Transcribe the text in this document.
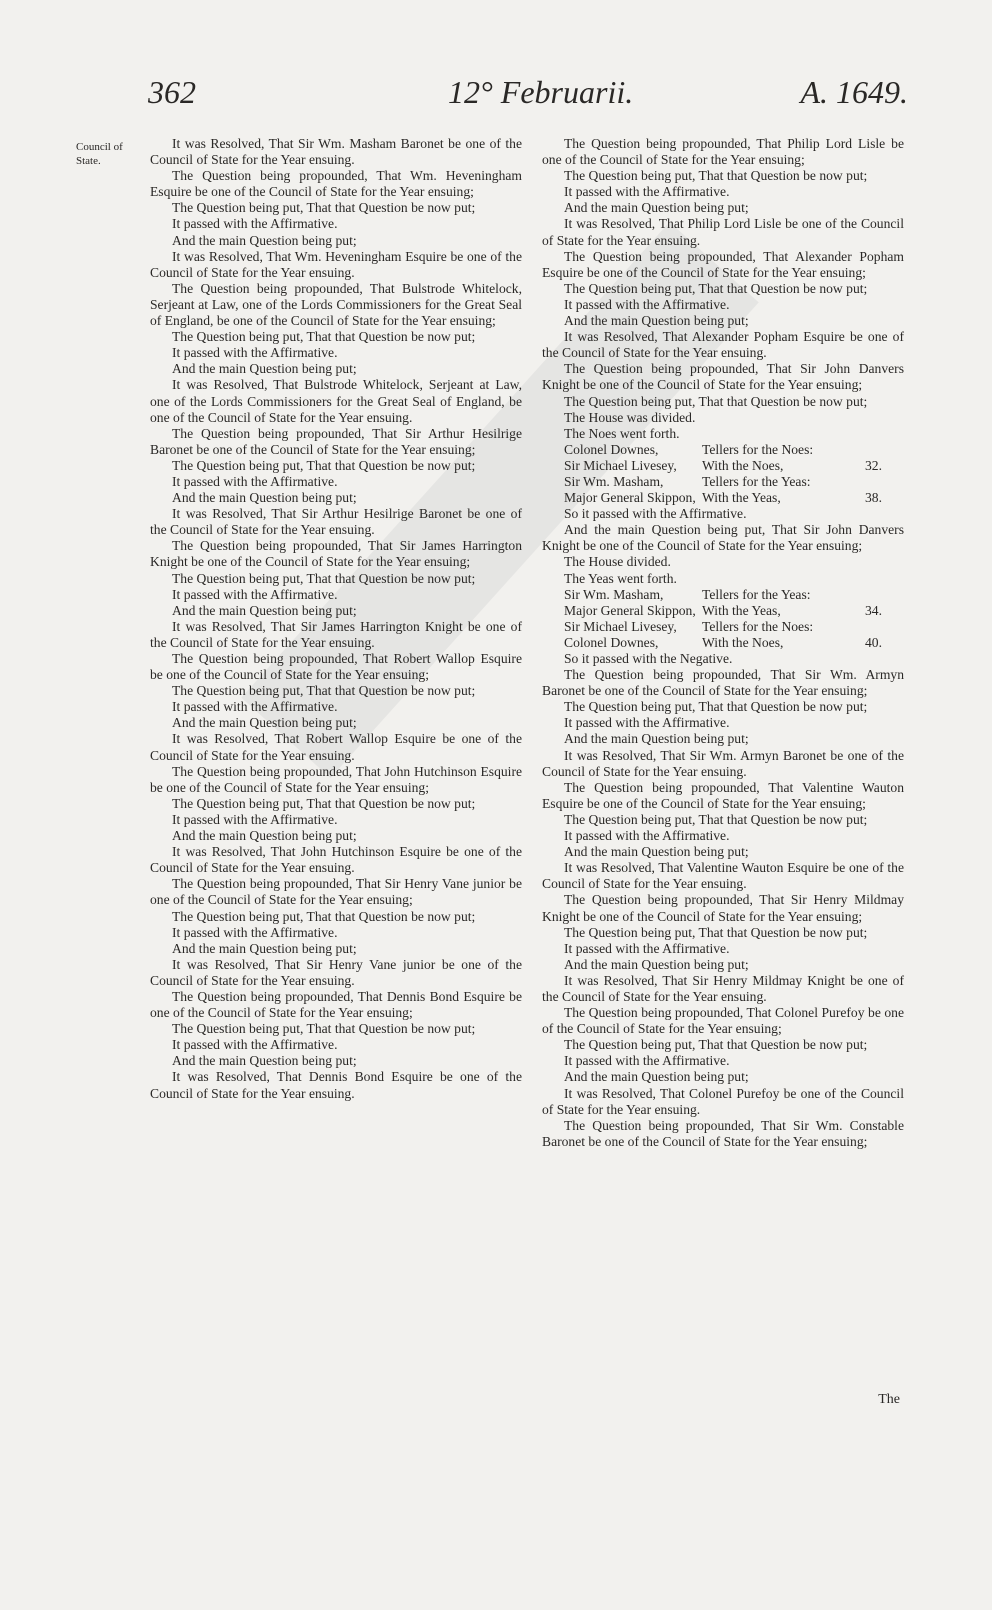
362	12° Februarii.	A. 1649.
Council of State.

It was Resolved, That Sir Wm. Masham Baronet be one of the Council of State for the Year ensuing.

The Question being propounded, That Wm. Heveningham Esquire be one of the Council of State for the Year ensuing;

The Question being put, That that Question be now put;

It passed with the Affirmative.

And the main Question being put;

It was Resolved, That Wm. Heveningham Esquire be one of the Council of State for the Year ensuing.

The Question being propounded, That Bulstrode Whitelock, Serjeant at Law, one of the Lords Commissioners for the Great Seal of England, be one of the Council of State for the Year ensuing;

The Question being put, That that Question be now put;

It passed with the Affirmative.

And the main Question being put;

It was Resolved, That Bulstrode Whitelock, Serjeant at Law, one of the Lords Commissioners for the Great Seal of England, be one of the Council of State for the Year ensuing.

The Question being propounded, That Sir Arthur Hesilrige Baronet be one of the Council of State for the Year ensuing;

The Question being put, That that Question be now put;

It passed with the Affirmative.

And the main Question being put;

It was Resolved, That Sir Arthur Hesilrige Baronet be one of the Council of State for the Year ensuing.

The Question being propounded, That Sir James Harrington Knight be one of the Council of State for the Year ensuing;

The Question being put, That that Question be now put;

It passed with the Affirmative.

And the main Question being put;

It was Resolved, That Sir James Harrington Knight be one of the Council of State for the Year ensuing.

The Question being propounded, That Robert Wallop Esquire be one of the Council of State for the Year ensuing;

The Question being put, That that Question be now put;

It passed with the Affirmative.

And the main Question being put;

It was Resolved, That Robert Wallop Esquire be one of the Council of State for the Year ensuing.

The Question being propounded, That John Hutchinson Esquire be one of the Council of State for the Year ensuing;

The Question being put, That that Question be now put;

It passed with the Affirmative.

And the main Question being put;

It was Resolved, That John Hutchinson Esquire be one of the Council of State for the Year ensuing.

The Question being propounded, That Sir Henry Vane junior be one of the Council of State for the Year ensuing;

The Question being put, That that Question be now put;

It passed with the Affirmative.

And the main Question being put;

It was Resolved, That Sir Henry Vane junior be one of the Council of State for the Year ensuing.

The Question being propounded, That Dennis Bond Esquire be one of the Council of State for the Year ensuing;

The Question being put, That that Question be now put;

It passed with the Affirmative.

And the main Question being put;

It was Resolved, That Dennis Bond Esquire be one of the Council of State for the Year ensuing.

The Question being propounded, That Philip Lord Lisle be one of the Council of State for the Year ensuing;

The Question being put, That that Question be now put;

It passed with the Affirmative.

And the main Question being put;

It was Resolved, That Philip Lord Lisle be one of the Council of State for the Year ensuing.

The Question being propounded, That Alexander Popham Esquire be one of the Council of State for the Year ensuing;

The Question being put, That that Question be now put;

It passed with the Affirmative.

And the main Question being put;

It was Resolved, That Alexander Popham Esquire be one of the Council of State for the Year ensuing.

The Question being propounded, That Sir John Danvers Knight be one of the Council of State for the Year ensuing;

The Question being put, That that Question be now put;

The House was divided.

The Noes went forth.

Colonel Downes,	Tellers for the Noes:
Sir Michael Livesey,	With the Noes,	32.
Sir Wm. Masham,	Tellers for the Yeas:
Major General Skippon, With the Yeas,	38.

So it passed with the Affirmative.

And the main Question being put, That Sir John Danvers Knight be one of the Council of State for the Year ensuing;

The House divided.

The Yeas went forth.

Sir Wm. Masham,	Tellers for the Yeas:
Major General Skippon, With the Yeas,	34.
Sir Michael Livesey,	Tellers for the Noes:
Colonel Downes,	With the Noes,	40.

So it passed with the Negative.

The Question being propounded, That Sir Wm. Armyn Baronet be one of the Council of State for the Year ensuing;

The Question being put, That that Question be now put;

It passed with the Affirmative.

And the main Question being put;

It was Resolved, That Sir Wm. Armyn Baronet be one of the Council of State for the Year ensuing.

The Question being propounded, That Valentine Wauton Esquire be one of the Council of State for the Year ensuing;

The Question being put, That that Question be now put;

It passed with the Affirmative.

And the main Question being put;

It was Resolved, That Valentine Wauton Esquire be one of the Council of State for the Year ensuing.

The Question being propounded, That Sir Henry Mildmay Knight be one of the Council of State for the Year ensuing;

The Question being put, That that Question be now put;

It passed with the Affirmative.

And the main Question being put;

It was Resolved, That Sir Henry Mildmay Knight be one of the Council of State for the Year ensuing.

The Question being propounded, That Colonel Purefoy be one of the Council of State for the Year ensuing;

The Question being put, That that Question be now put;

It passed with the Affirmative.

And the main Question being put;

It was Resolved, That Colonel Purefoy be one of the Council of State for the Year ensuing.

The Question being propounded, That Sir Wm. Constable Baronet be one of the Council of State for the Year ensuing;

The
